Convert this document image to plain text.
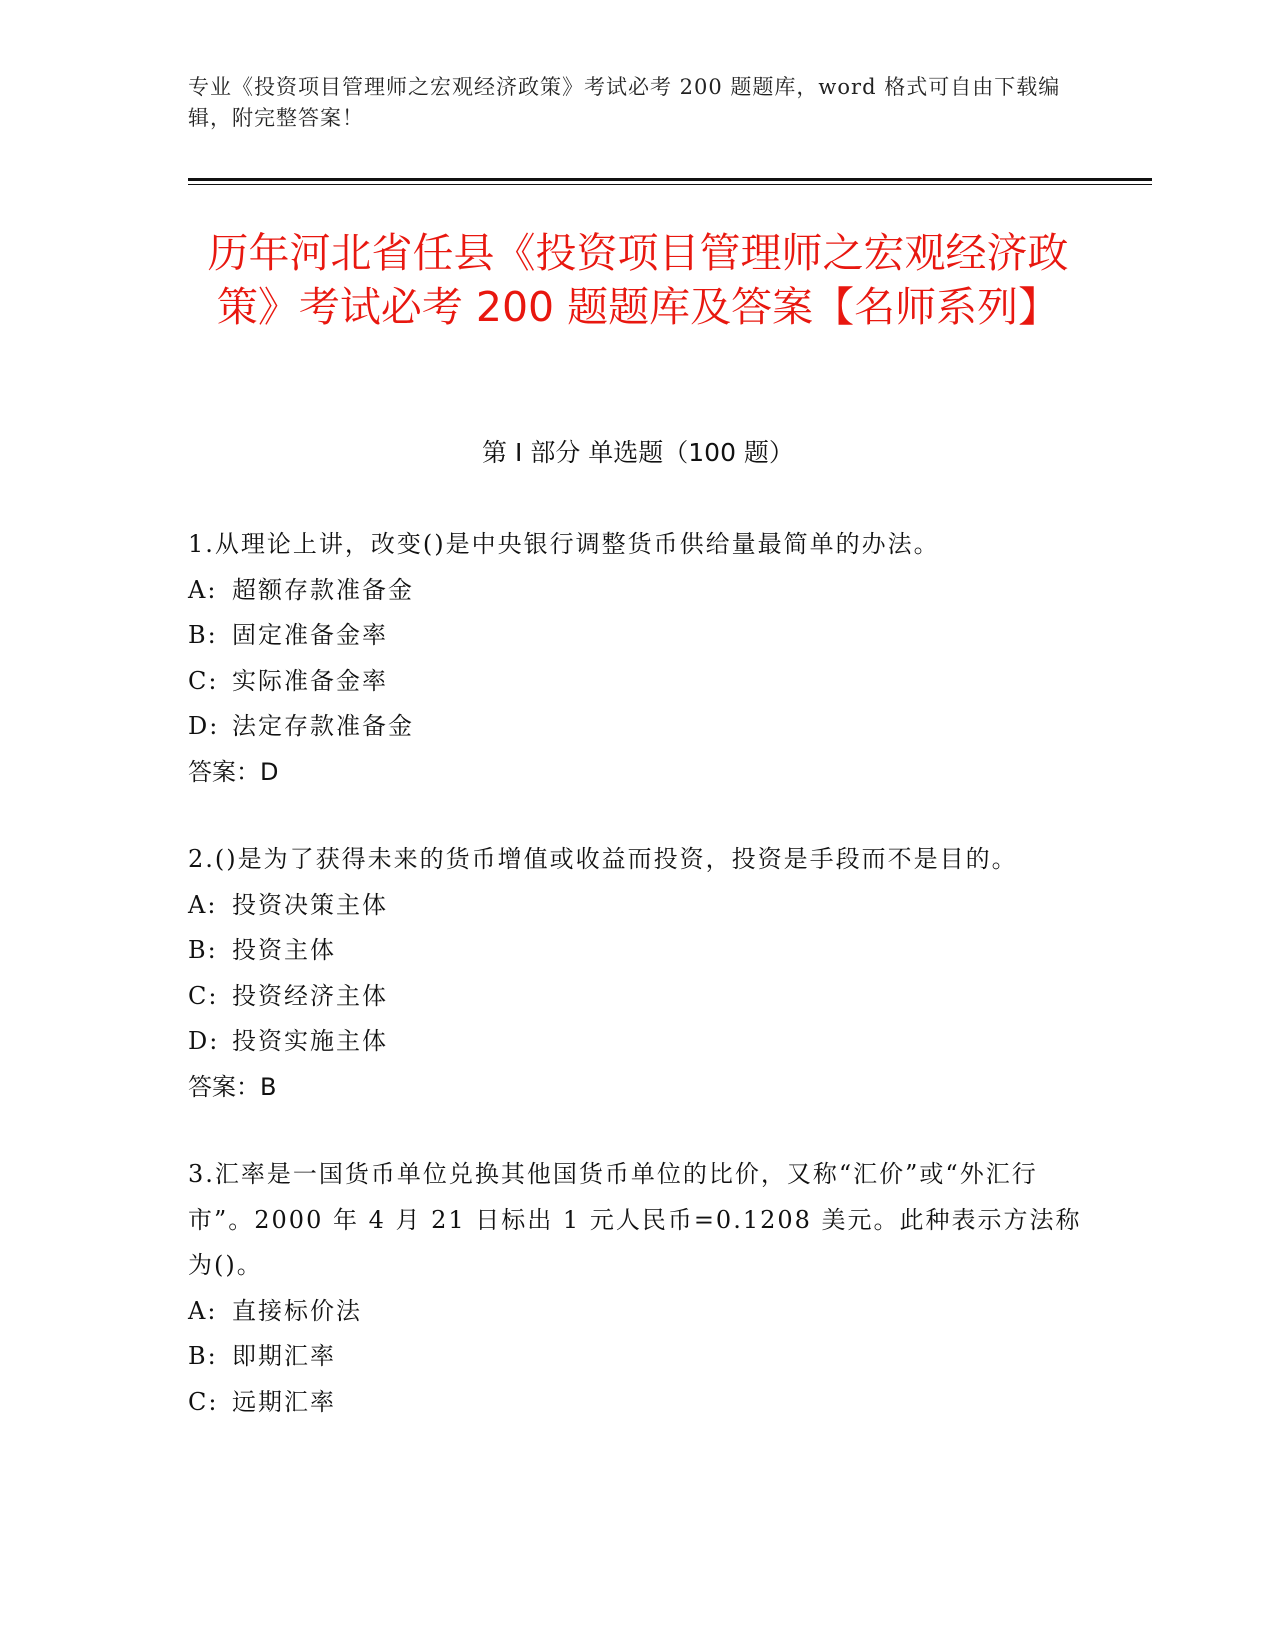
专业《投资项目管理师之宏观经济政策》考试必考 200 题题库，word 格式可自由下载编辑，附完整答案！
历年河北省任县《投资项目管理师之宏观经济政策》考试必考 200 题题库及答案【名师系列】
第 I 部分 单选题（100 题）
1.从理论上讲，改变()是中央银行调整货币供给量最简单的办法。
A: 超额存款准备金
B: 固定准备金率
C: 实际准备金率
D: 法定存款准备金
答案：D
2.()是为了获得未来的货币增值或收益而投资，投资是手段而不是目的。
A: 投资决策主体
B: 投资主体
C: 投资经济主体
D: 投资实施主体
答案：B
3.汇率是一国货币单位兑换其他国货币单位的比价，又称“汇价”或“外汇行市”。2000 年 4 月 21 日标出 1 元人民币=0.1208 美元。此种表示方法称为()。
A: 直接标价法
B: 即期汇率
C: 远期汇率
